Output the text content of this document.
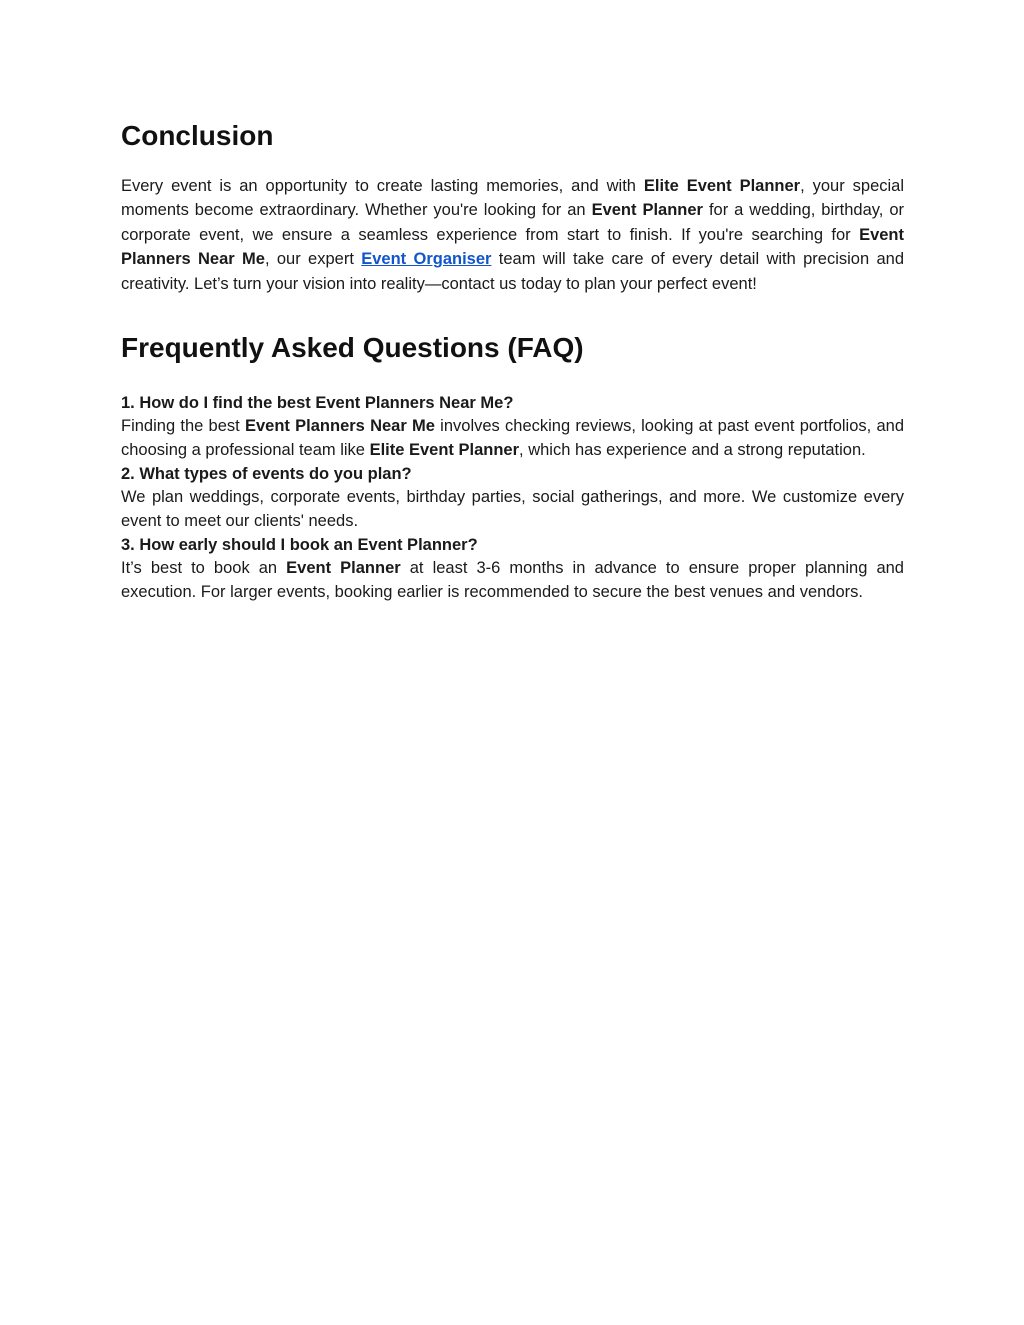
Conclusion

Every event is an opportunity to create lasting memories, and with Elite Event Planner, your special moments become extraordinary. Whether you're looking for an Event Planner for a wedding, birthday, or corporate event, we ensure a seamless experience from start to finish. If you're searching for Event Planners Near Me, our expert Event Organiser team will take care of every detail with precision and creativity. Let’s turn your vision into reality—contact us today to plan your perfect event!

Frequently Asked Questions (FAQ)
1. How do I find the best Event Planners Near Me?

Finding the best Event Planners Near Me involves checking reviews, looking at past event portfolios, and choosing a professional team like Elite Event Planner, which has experience and a strong reputation.

2. What types of events do you plan?

We plan weddings, corporate events, birthday parties, social gatherings, and more. We customize every event to meet our clients' needs.

3. How early should I book an Event Planner?

It’s best to book an Event Planner at least 3-6 months in advance to ensure proper planning and execution. For larger events, booking earlier is recommended to secure the best venues and vendors.
